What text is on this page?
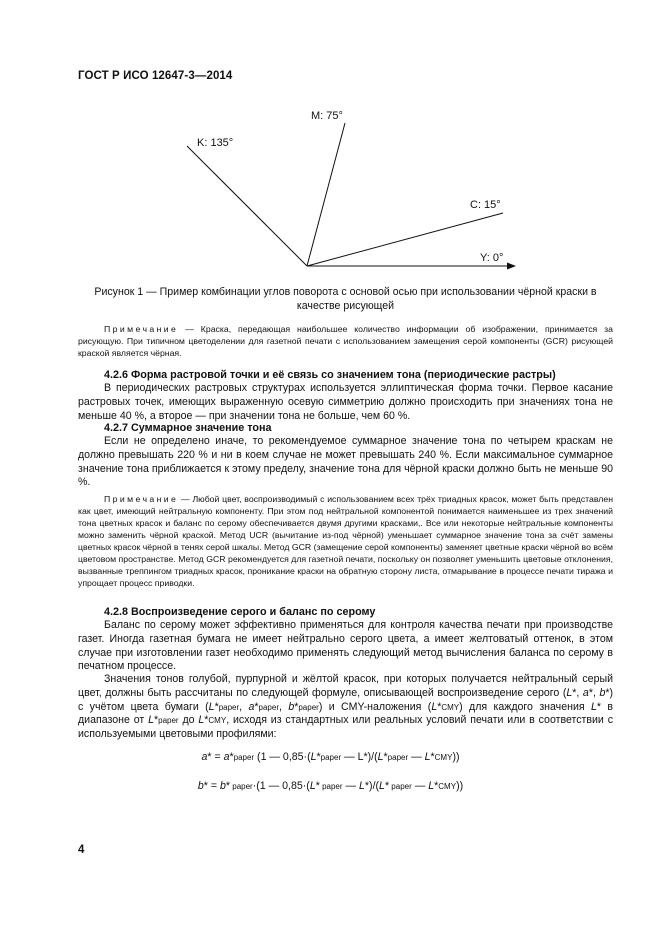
ГОСТ Р ИСО 12647-3—2014
M: 75°
K: 135°
C: 15°
Y: 0°
Рисунок 1 — Пример комбинации углов поворота с основой осью при использовании чёрной краски в качестве рисующей
Примечание — Краска, передающая наибольшее количество информации об изображении, принимается за рисующую. При типичном цветоделении для газетной печати с использованием замещения серой компоненты (GCR) рисующей краской является чёрная.
4.2.6 Форма растровой точки и её связь со значением тона (периодические растры)
В периодических растровых структурах используется эллиптическая форма точки. Первое касание растровых точек, имеющих выраженную осевую симметрию должно происходить при значениях тона не меньше 40 %, а второе — при значении тона не больше, чем 60 %.
4.2.7 Суммарное значение тона
Если не определено иначе, то рекомендуемое суммарное значение тона по четырем краскам не должно превышать 220 % и ни в коем случае не может превышать 240 %. Если максимальное суммарное значение тона приближается к этому пределу, значение тона для чёрной краски должно быть не меньше 90 %.
Примечание — Любой цвет, воспроизводимый с использованием всех трёх триадных красок, может быть представлен как цвет, имеющий нейтральную компоненту. При этом под нейтральной компонентой понимается наименьшее из трех значений тона цветных красок и баланс по серому обеспечивается двумя другими красками,. Все или некоторые нейтральные компоненты можно заменить чёрной краской. Метод UCR (вычитание из-под чёрной) уменьшает суммарное значение тона за счёт замены цветных красок чёрной в тенях серой шкалы. Метод GCR (замещение серой компоненты) заменяет цветные краски чёрной во всём цветовом пространстве. Метод GCR рекомендуется для газетной печати, поскольку он позволяет уменьшить цветовые отклонения, вызванные треппингом триадных красок, проникание краски на обратную сторону листа, отмарывание в процессе печати тиража и упрощает процесс приводки.
4.2.8 Воспроизведение серого и баланс по серому
Баланс по серому может эффективно применяться для контроля качества печати при производстве газет. Иногда газетная бумага не имеет нейтрально серого цвета, а имеет желтоватый оттенок, в этом случае при изготовлении газет необходимо применять следующий метод вычисления баланса по серому в печатном процессе.
Значения тонов голубой, пурпурной и жёлтой красок, при которых получается нейтральный серый цвет, должны быть рассчитаны по следующей формуле, описывающей воспроизведение серого (L*, a*, b*) с учётом цвета бумаги (L*paper, a*paper, b*paper) и CMY-наложения (L*CMY) для каждого значения L* в диапазоне от L*paper до L*CMY, исходя из стандартных или реальных условий печати или в соответствии с используемыми цветовыми профилями:
a* = a*paper (1 — 0,85·(L*paper — L*)/(L*paper — L*CMY))
b* = b* paper·(1 — 0,85·(L* paper — L*)/(L* paper — L*CMY))
4
